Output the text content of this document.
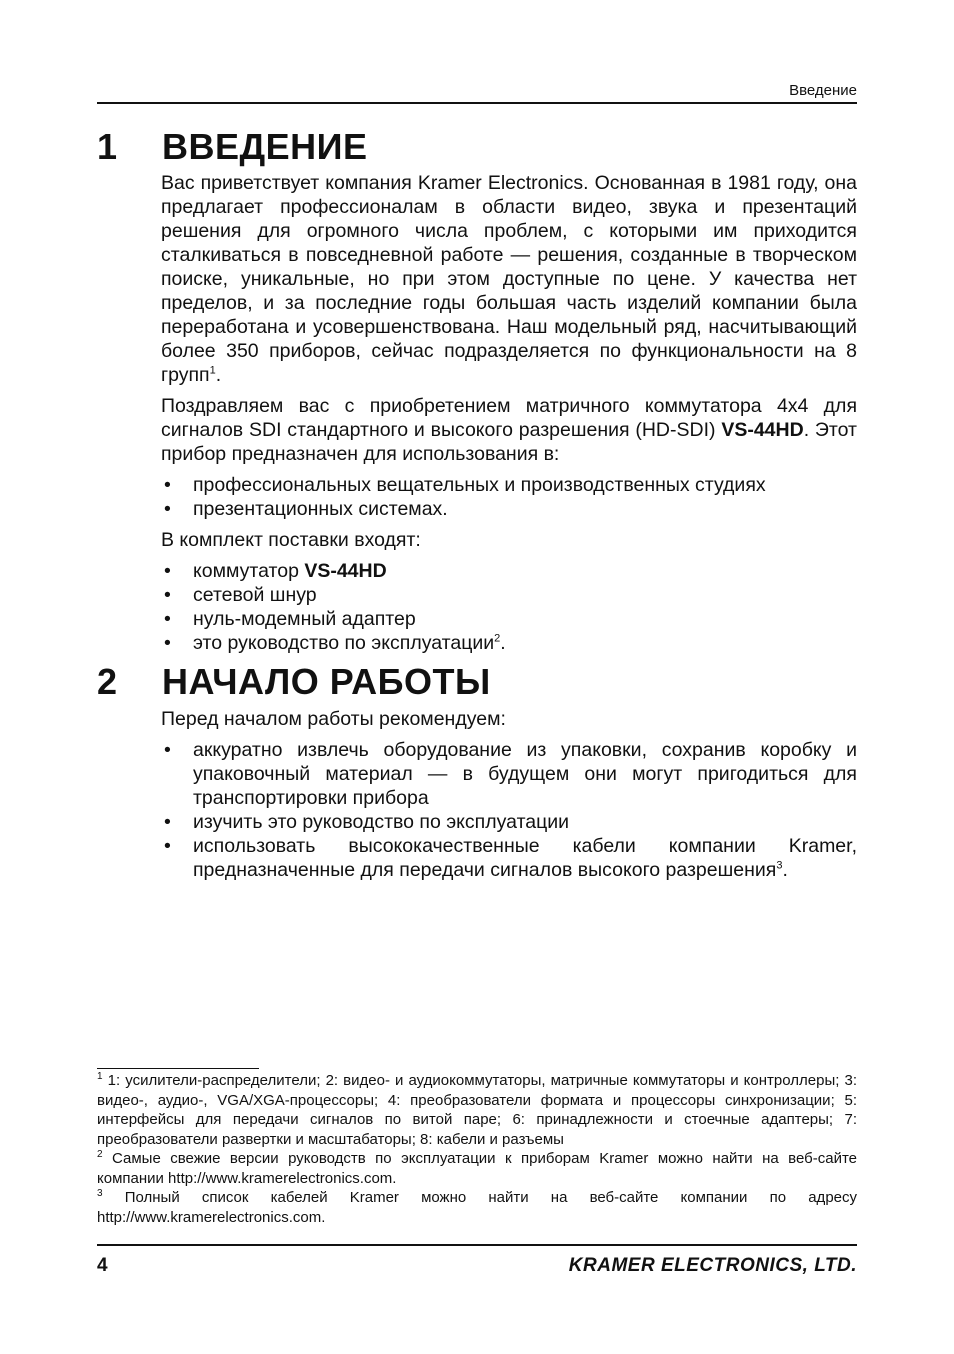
Введение
1 ВВЕДЕНИЕ

Вас приветствует компания Kramer Electronics. Основанная в 1981 году, она предлагает профессионалам в области видео, звука и презентаций решения для огромного числа проблем, с которыми им приходится сталкиваться в повседневной работе — решения, созданные в творческом поиске, уникальные, но при этом доступные по цене. У качества нет пределов, и за последние годы большая часть изделий компании была переработана и усовершенствована. Наш модельный ряд, насчитывающий более 350 приборов, сейчас подразделяется по функциональности на 8 групп$^1$.

Поздравляем вас с приобретением матричного коммутатора 4x4 для сигналов SDI стандартного и высокого разрешения (HD-SDI) VS-44HD. Этот прибор предназначен для использования в:

• профессиональных вещательных и производственных студиях
• презентационных системах.

В комплект поставки входят:

• коммутатор VS-44HD
• сетевой шнур
• нуль-модемный адаптер
• это руководство по эксплуатации$^2$.
2 НАЧАЛО РАБОТЫ

Перед началом работы рекомендуем:

• аккуратно извлечь оборудование из упаковки, сохранив коробку и упаковочный материал — в будущем они могут пригодиться для транспортировки прибора
• изучить это руководство по эксплуатации
• использовать высококачественные кабели компании Kramer, предназначенные для передачи сигналов высокого разрешения$^3$.

$^1$ 1: усилители-распределители; 2: видео- и аудиокоммутаторы, матричные коммутаторы и контроллеры; 3: видео-, аудио-, VGA/XGA-процессоры; 4: преобразователи формата и процессоры синхронизации; 5: интерфейсы для передачи сигналов по витой паре; 6: принадлежности и стоечные адаптеры; 7: преобразователи развертки и масштабаторы; 8: кабели и разъемы

$^2$ Самые свежие версии руководств по эксплуатации к приборам Kramer можно найти на веб-сайте компании http://www.kramerelectronics.com.

$^3$ Полный список кабелей Kramer можно найти на веб-сайте компании по адресу http://www.kramerelectronics.com.

4	KRAMER ELECTRONICS, LTD.
